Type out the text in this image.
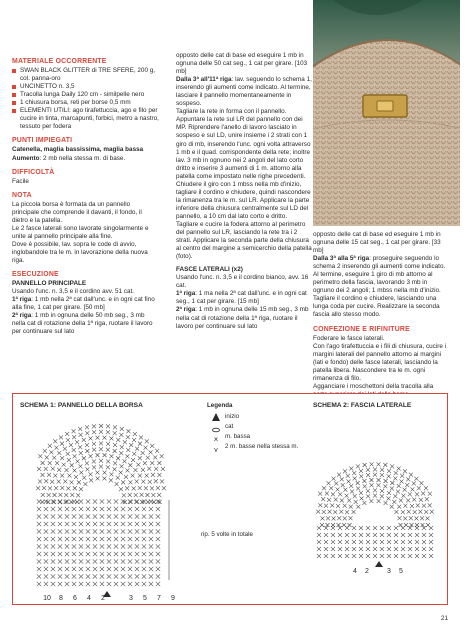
MATERIALE OCCORRENTE
SWAN BLACK GLITTER di TRE SFERE, 200 g, col. panna-oro
UNCINETTO n. 3,5
Tracolla lunga Daily 120 cm - similpelle nero
1 chiusura borsa, reti per borse 0,5 mm
ELEMENTI UTILI: ago tirafettuccia, ago e filo per cucire in tinta, marcapunti, forbici, metro a nastro, tessuto per fodera
PUNTI IMPIEGATI
Catenella, maglia bassissima, maglia bassa
Aumento: 2 mb nella stessa m. di base.
DIFFICOLTÀ
Facile
NOTA
La piccola borsa è formata da un pannello principale che comprende il davanti, il fondo, il dietro e la patella.
Le 2 fasce laterali sono lavorate singolarmente e unite al pannello principale alla fine.
Dove è possibile, lav. sopra le code di avvio, inglobandole tra le m. in lavorazione della nuova riga.
ESECUZIONE
PANNELLO PRINCIPALE
Usando l'unc. n. 3,5 e il cordino avv. 51 cat.
1ª riga: 1 mb nella 2ª cat dall'unc. e in ogni cat fino alla fine, 1 cat per girare. [50 mb]
2ª riga: 1 mb in ognuna delle 50 mb seg., 3 mb nella cat di rotazione della 1ª riga, ruotare il lavoro per continuare sul lato
opposto delle cat di base ed eseguire 1 mb in ognuna delle 50 cat seg., 1 cat per girare. [103 mb]
Dalla 3ª all'11ª riga: lav. seguendo lo schema 1, inserendo gli aumenti come indicato. Al termine, lasciare il pannello momentaneamente in sospeso.
Tagliare la rete in forma con il pannello. Appuntare la rete sul LR del pannello con dei MP. Riprendere l'anello di lavoro lasciato in sospeso e sul LD, unire insieme i 2 strati con 1 giro di mb, inserendo l'unc. ogni volta attraverso 1 mb e il quad. corrispondente della rete; inoltre lav. 3 mb in ognuno nei 2 angoli del lato corto dritto e inserire 3 aumenti di 1 m. attorno alla patella come impostato nelle righe precedenti.
Chiudere il giro con 1 mbss nella mb d'inizio, tagliare il cordino e chiudere, quindi nascondere la rimanenza tra le m. sul LR. Applicare la parte inferiore della chiusura centralmente sul LD del pannello, a 10 cm dal lato corto e dritto.
Tagliare e cucire la fodera attorno al perimetro del pannello sul LR, lasciando la rete tra i 2 strati. Applicare la seconda parte della chiusura al centro del margine a semicerchio della patella (foto).
FASCE LATERALI (x2)
Usando l'unc. n. 3,5 e il cordino bianco, avv. 16 cat.
1ª riga: 1 ma nella 2ª cat dall'unc. e in ogni cat seg., 1 cat per girare. [15 mb]
2ª riga: 1 mb in ognuna delle 15 mb seg., 3 mb nella cat di rotazione della 1ª riga, ruotare il lavoro per continuare sul lato
opposto delle cat di base ed eseguire 1 mb in ognuna delle 15 cat seg., 1 cat per girare. [33 mb]
Dalla 3ª alla 5ª riga: proseguire seguendo lo schema 2 inserendo gli aumenti come indicato.
Al termine, eseguire 1 giro di mb attorno al perimetro della fascia, lavorando 3 mb in ognuno dei 2 angoli; 1 mbss nella mb d'inizio. Tagliare il cordino e chiudere, lasciando una lunga coda per cucire. Realizzare la seconda fascia allo stesso modo.
CONFEZIONE E RIFINITURE
Foderare le fasce laterali.
Con l'ago tirafettuccia e i fili di chiusura, cucire i margini laterali del pannello attorno ai margini (lati e fondo) delle fasce laterali, lasciando la patella libera. Nascondere tra le m. ogni rimanenza di filo.
Agganciare i moschettoni della tracolla alla
SCHEMA 1: PANNELLO DELLA BORSA	SCHEMA 2: FASCIA LATERALE
Legenda
×
⋎
inizio
cat
m. bassa
2 m. basse nella stessa m.
10 8 6 4 2	3 5 7 9
rip. 5 volte in totale
4 2	3 5
21
